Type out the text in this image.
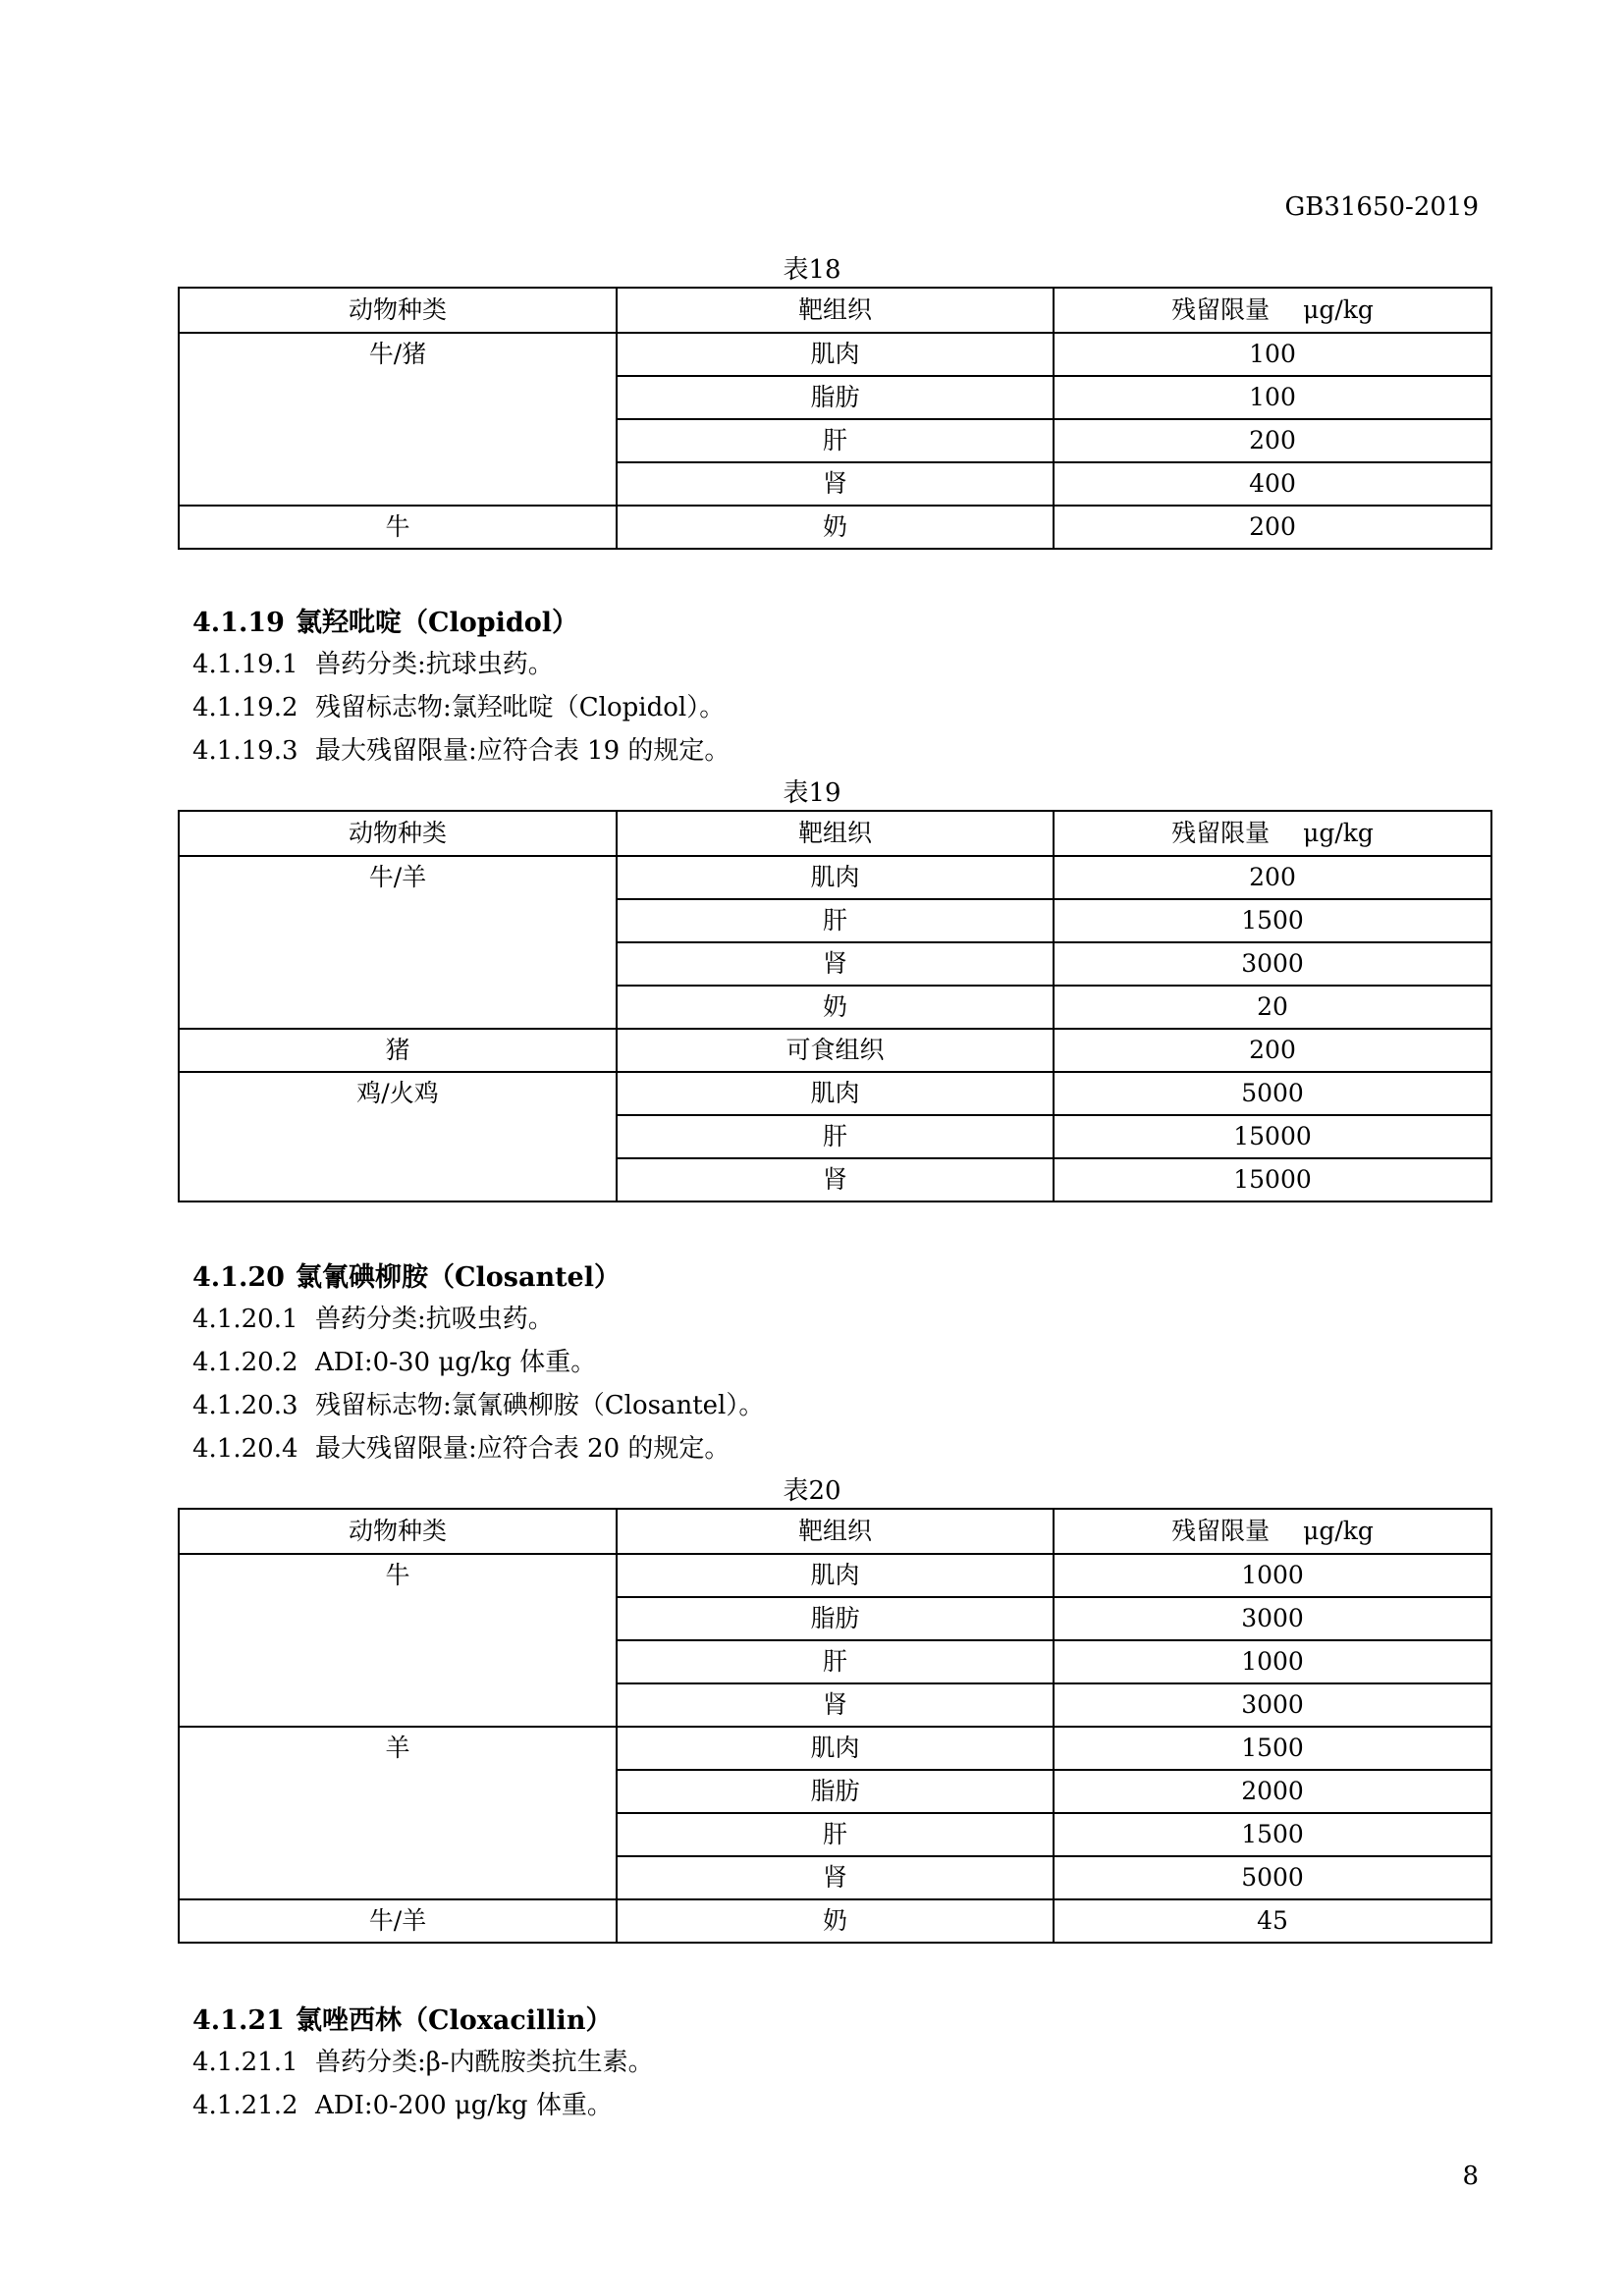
GB31650-2019
表18
动物种类	靶组织	残留限量 μg/kg
牛/猪	肌肉	100
	脂肪	100
	肝	200
	肾	400
牛	奶	200
4.1.19 氯羟吡啶（Clopidol）
4.1.19.1 兽药分类:抗球虫药。
4.1.19.2 残留标志物:氯羟吡啶（Clopidol）。
4.1.19.3 最大残留限量:应符合表 19 的规定。
表19
动物种类	靶组织	残留限量 μg/kg
牛/羊	肌肉	200
	肝	1500
	肾	3000
	奶	20
猪	可食组织	200
鸡/火鸡	肌肉	5000
	肝	15000
	肾	15000
4.1.20 氯氰碘柳胺（Closantel）
4.1.20.1 兽药分类:抗吸虫药。
4.1.20.2 ADI:0-30 μg/kg 体重。
4.1.20.3 残留标志物:氯氰碘柳胺（Closantel）。
4.1.20.4 最大残留限量:应符合表 20 的规定。
表20
动物种类	靶组织	残留限量 μg/kg
牛	肌肉	1000
	脂肪	3000
	肝	1000
	肾	3000
羊	肌肉	1500
	脂肪	2000
	肝	1500
	肾	5000
牛/羊	奶	45
4.1.21 氯唑西林（Cloxacillin）
4.1.21.1 兽药分类:β-内酰胺类抗生素。
4.1.21.2 ADI:0-200 μg/kg 体重。
8
